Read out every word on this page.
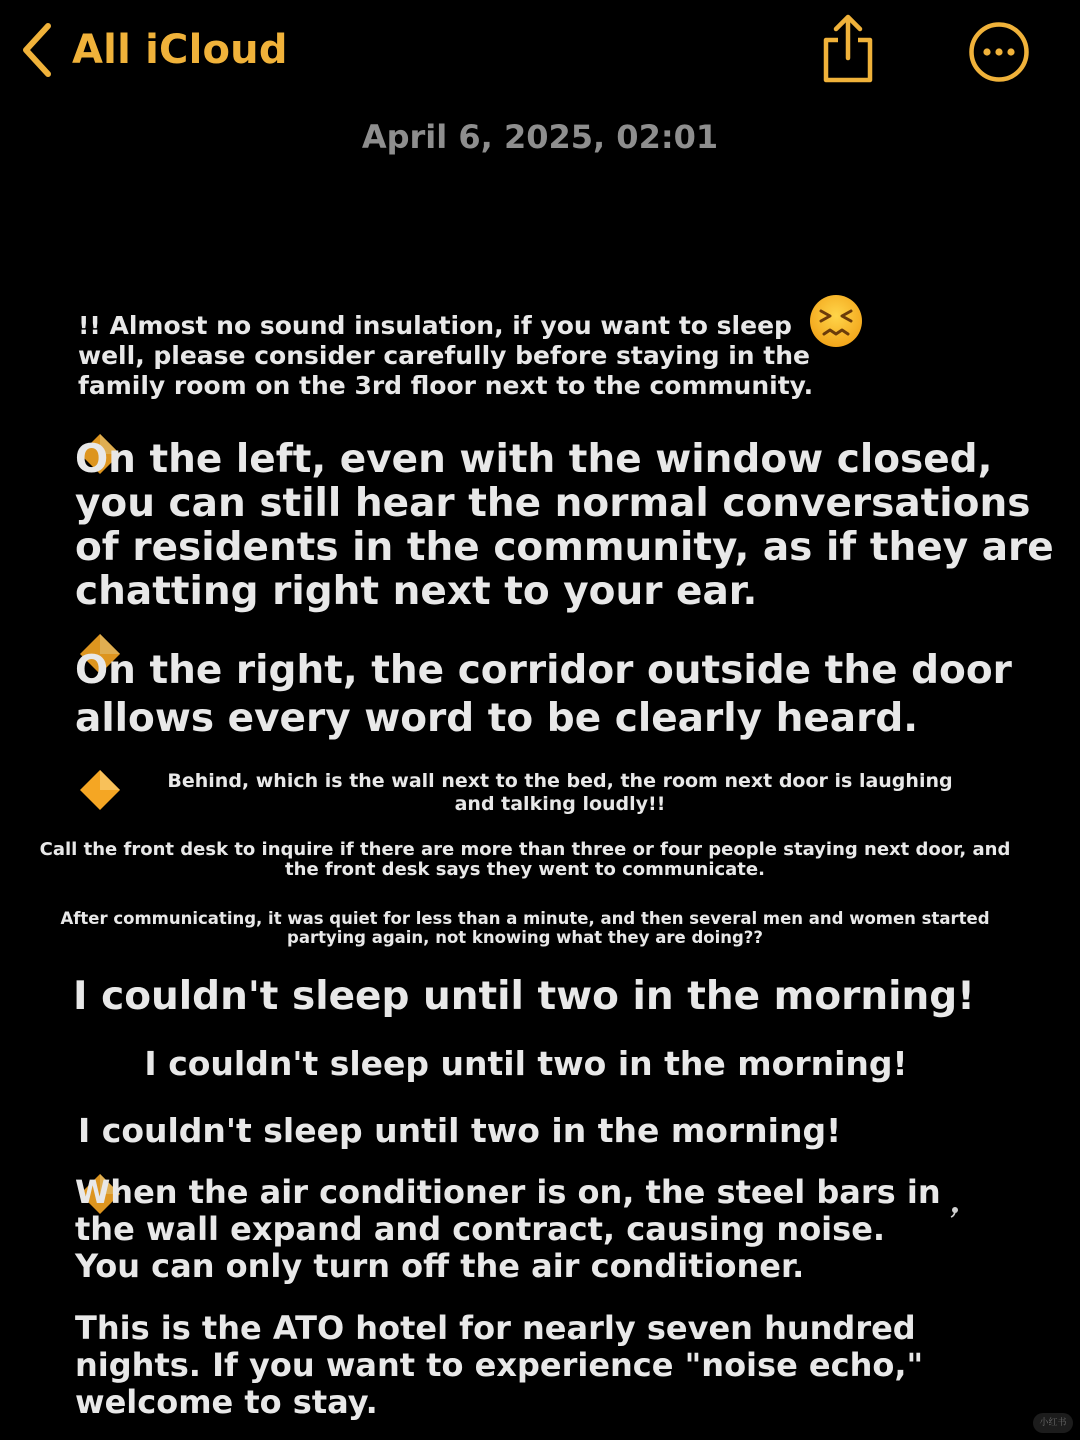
All iCloud
April 6, 2025, 02:01

!! Almost no sound insulation, if you want to sleep
well, please consider carefully before staying in the
family room on the 3rd floor next to the community.

On the left, even with the window closed,
you can still hear the normal conversations
of residents in the community, as if they are
chatting right next to your ear.

On the right, the corridor outside the door
allows every word to be clearly heard.

Behind, which is the wall next to the bed, the room next door is laughing and talking loudly!!

Call the front desk to inquire if there are more than three or four people staying next door, and the front desk says they went to communicate.

After communicating, it was quiet for less than a minute, and then several men and women started partying again, not knowing what they are doing??

I couldn't sleep until two in the morning!

I couldn't sleep until two in the morning!

I couldn't sleep until two in the morning!

When the air conditioner is on, the steel bars in
the wall expand and contract, causing noise.
You can only turn off the air conditioner.

This is the ATO hotel for nearly seven hundred
nights. If you want to experience "noise echo,"
welcome to stay.

小红书
